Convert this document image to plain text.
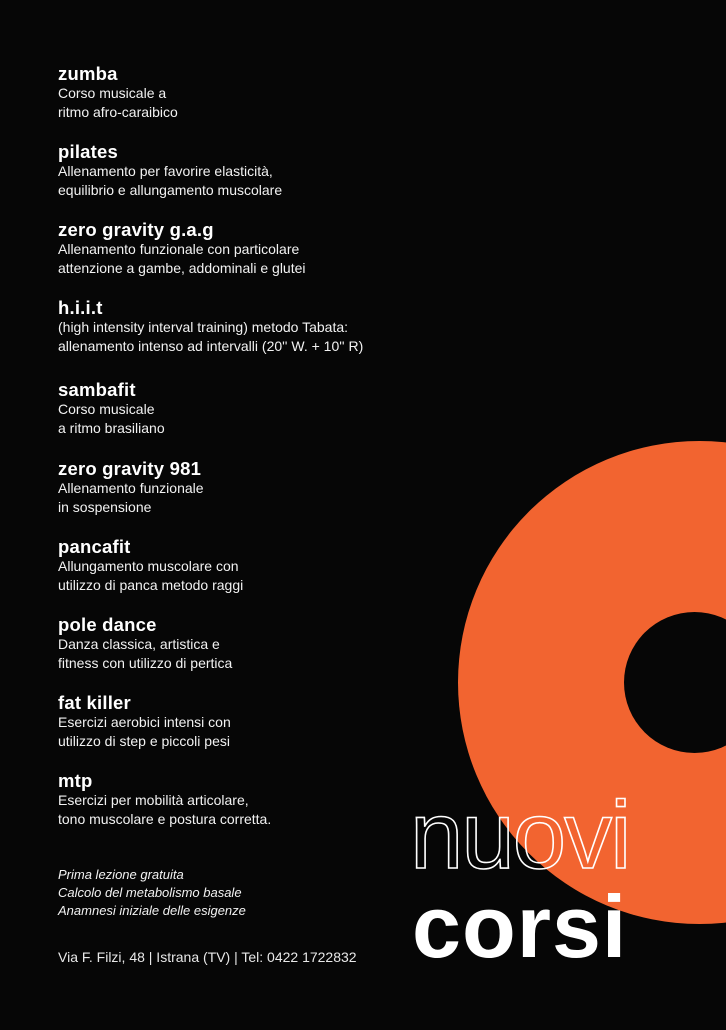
zumba
Corso musicale a
ritmo afro-caraibico
pilates
Allenamento per favorire elasticità,
equilibrio e allungamento muscolare
zero gravity g.a.g
Allenamento funzionale con particolare
attenzione a gambe, addominali e glutei
h.i.i.t
(high intensity interval training) metodo Tabata:
allenamento intenso ad intervalli (20'' W. + 10'' R)
sambafit
Corso musicale
a ritmo brasiliano
zero gravity 981
Allenamento funzionale
in sospensione
pancafit
Allungamento muscolare con
utilizzo di panca metodo raggi
pole dance
Danza classica, artistica e
fitness con utilizzo di pertica
fat killer
Esercizi aerobici intensi con
utilizzo di step e piccoli pesi
mtp
Esercizi per mobilità articolare,
tono muscolare e postura corretta.
Prima lezione gratuita
Calcolo del metabolismo basale
Anamnesi iniziale delle esigenze
Via F. Filzi, 48 | Istrana (TV) | Tel: 0422 1722832
nuovi
corsi
